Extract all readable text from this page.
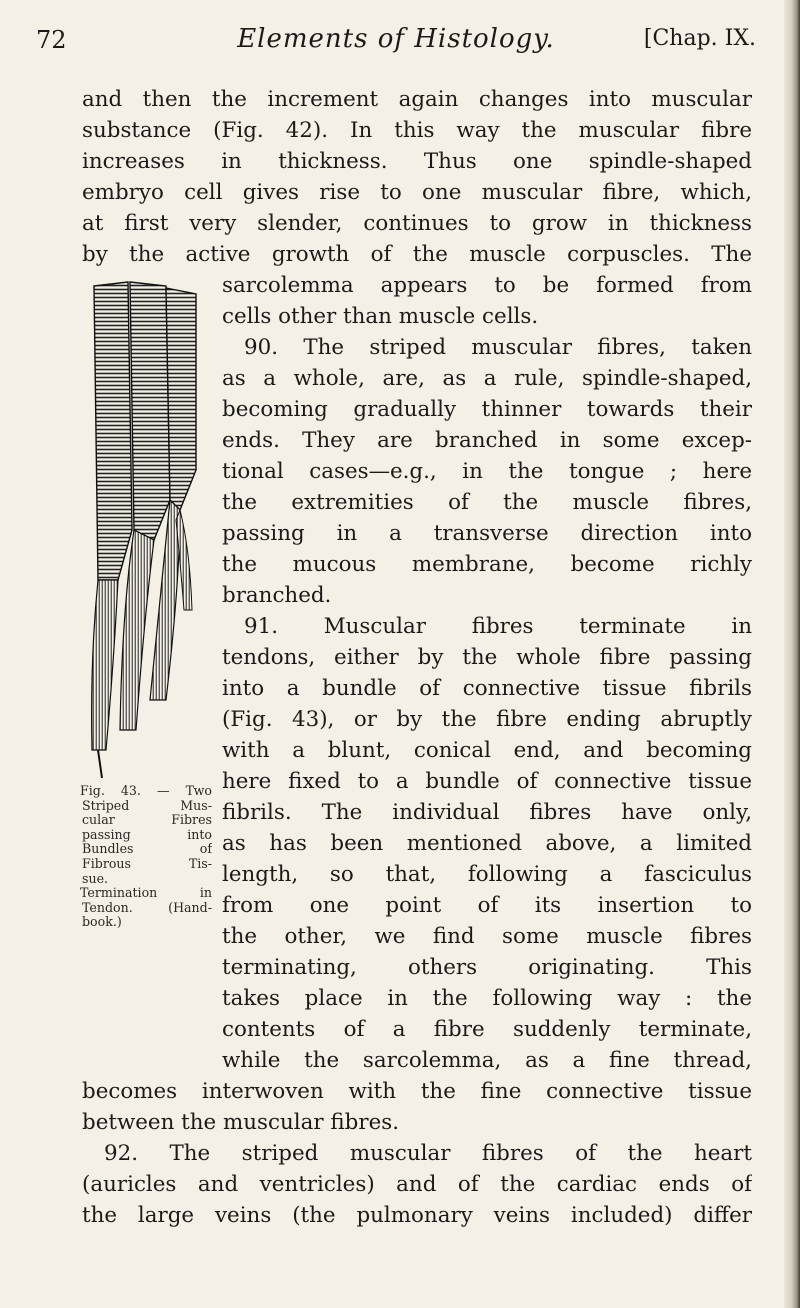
72	Elements of Histology.	[Chap. IX.
and then the increment again changes into muscular
substance (Fig. 42). In this way the muscular fibre
increases in thickness. Thus one spindle-shaped
embryo cell gives rise to one muscular fibre, which,
at first very slender, continues to grow in thickness
by the active growth of the muscle corpuscles. The
sarcolemma appears to be formed from
cells other than muscle cells.
90. The striped muscular fibres, taken
as a whole, are, as a rule, spindle-shaped,
becoming gradually thinner towards their
ends. They are branched in some excep-
tional cases—e.g., in the tongue ; here
the extremities of the muscle fibres,
passing in a transverse direction into
the mucous membrane, become richly
branched.
91. Muscular fibres terminate in
tendons, either by the whole fibre passing
into a bundle of connective tissue fibrils
(Fig. 43), or by the fibre ending abruptly
with a blunt, conical end, and becoming
here fixed to a bundle of connective tissue
fibrils. The individual fibres have only,
as has been mentioned above, a limited
length, so that, following a fasciculus
from one point of its insertion to
the other, we find some muscle fibres
terminating, others originating. This
takes place in the following way : the
contents of a fibre suddenly terminate,
while the sarcolemma, as a fine thread,
becomes interwoven with the fine connective tissue
between the muscular fibres.
92. The striped muscular fibres of the heart
(auricles and ventricles) and of the cardiac ends of
the large veins (the pulmonary veins included) differ
Fig. 43. — Two
Striped Mus-
cular Fibres
passing into
Bundles of
Fibrous Tis-
sue.
Termination in
Tendon. (Hand-
book.)
